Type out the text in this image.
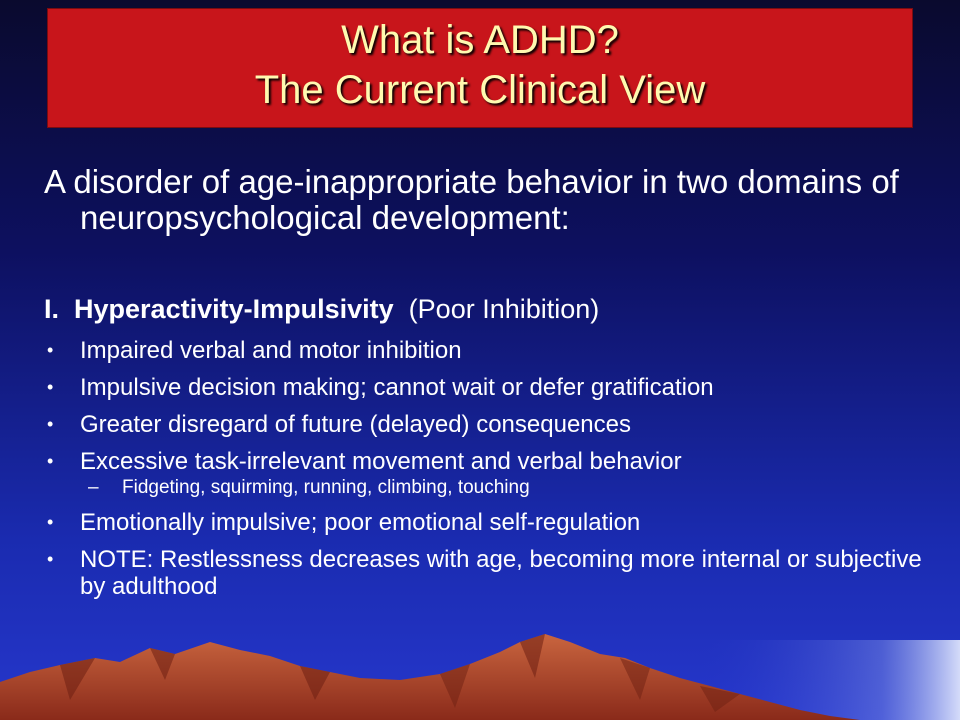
What is ADHD?
The Current Clinical View
A disorder of age-inappropriate behavior in two domains of neuropsychological development:
I. Hyperactivity-Impulsivity (Poor Inhibition)
• Impaired verbal and motor inhibition
• Impulsive decision making; cannot wait or defer gratification
• Greater disregard of future (delayed) consequences
• Excessive task-irrelevant movement and verbal behavior
– Fidgeting, squirming, running, climbing, touching
• Emotionally impulsive; poor emotional self-regulation
• NOTE: Restlessness decreases with age, becoming more internal or subjective by adulthood
